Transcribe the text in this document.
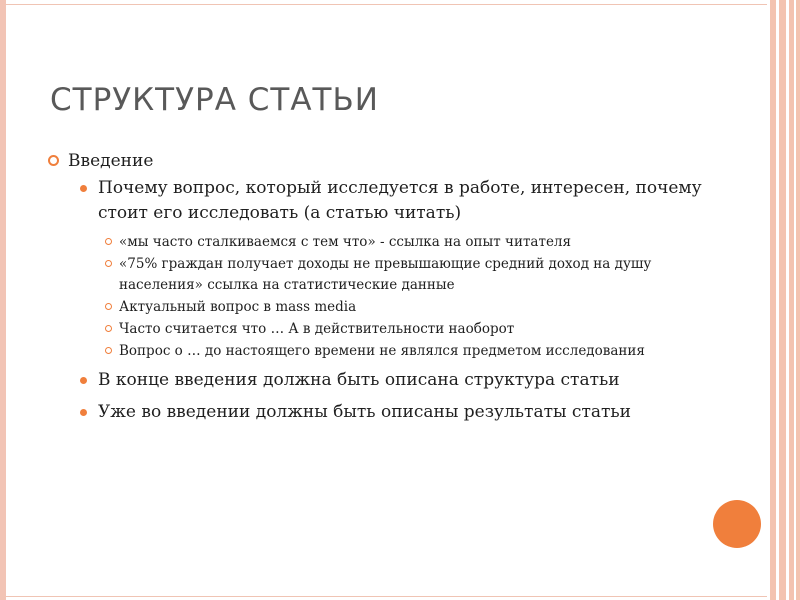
СТРУКТУРА СТАТЬИ
Введение
Почему вопрос, который исследуется в работе, интересен, почему стоит его исследовать (а статью читать)
«мы часто сталкиваемся с тем что» - ссылка на опыт читателя
«75% граждан получает доходы не превышающие средний доход на душу населения» ссылка на статистические данные
Актуальный вопрос в mass media
Часто считается что … А в действительности наоборот
Вопрос о … до настоящего времени не являлся предметом исследования
В конце введения должна быть описана структура статьи
Уже во введении должны быть описаны результаты статьи
